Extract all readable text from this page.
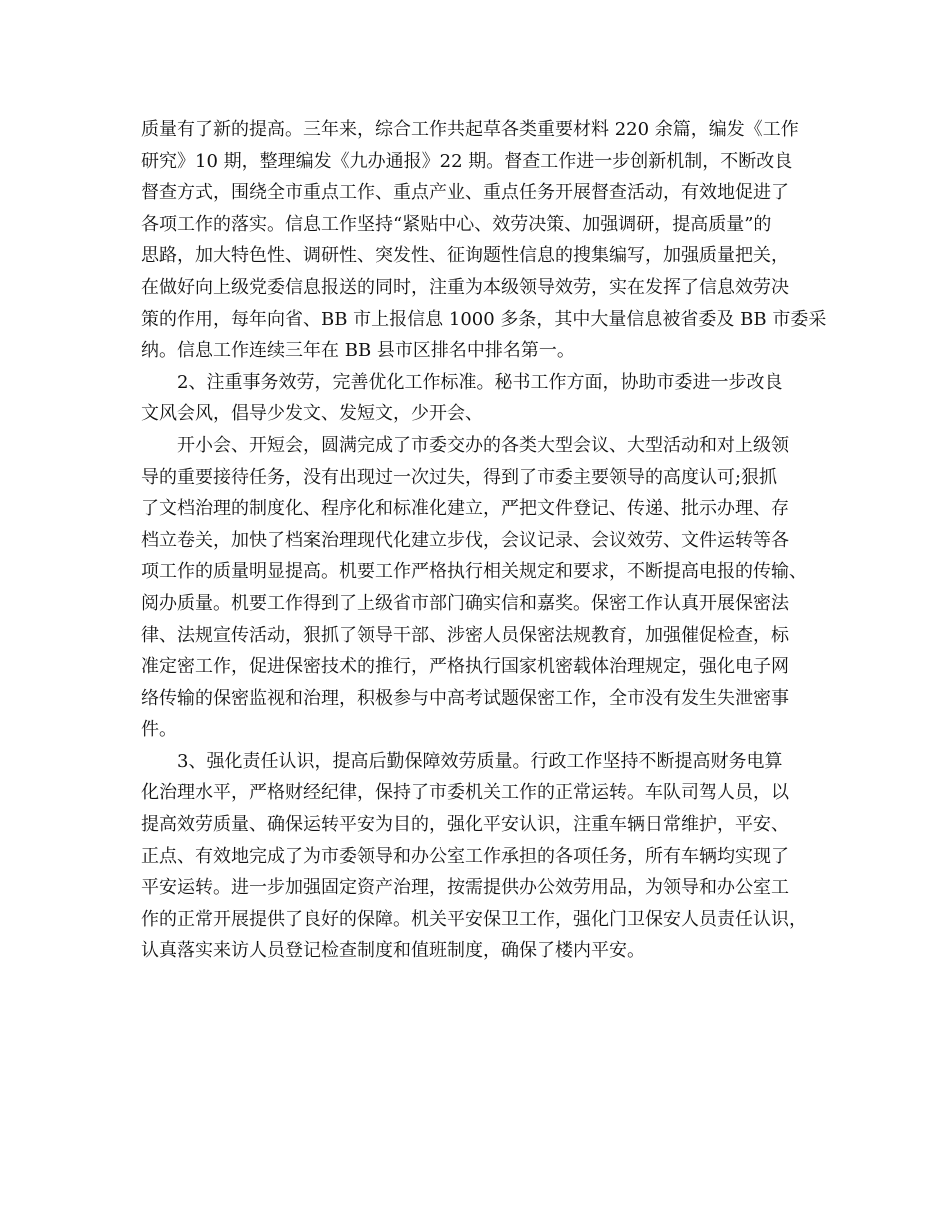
质量有了新的提高。三年来，综合工作共起草各类重要材料 220 余篇，编发《工作
研究》10 期，整理编发《九办通报》22 期。督查工作进一步创新机制，不断改良
督查方式，围绕全市重点工作、重点产业、重点任务开展督查活动，有效地促进了
各项工作的落实。信息工作坚持“紧贴中心、效劳决策、加强调研，提高质量”的
思路，加大特色性、调研性、突发性、征询题性信息的搜集编写，加强质量把关，
在做好向上级党委信息报送的同时，注重为本级领导效劳，实在发挥了信息效劳决
策的作用，每年向省、BB 市上报信息 1000 多条，其中大量信息被省委及 BB 市委采
纳。信息工作连续三年在 BB 县市区排名中排名第一。
2、注重事务效劳，完善优化工作标准。秘书工作方面，协助市委进一步改良
文风会风，倡导少发文、发短文，少开会、
开小会、开短会，圆满完成了市委交办的各类大型会议、大型活动和对上级领
导的重要接待任务，没有出现过一次过失，得到了市委主要领导的高度认可;狠抓
了文档治理的制度化、程序化和标准化建立，严把文件登记、传递、批示办理、存
档立卷关，加快了档案治理现代化建立步伐，会议记录、会议效劳、文件运转等各
项工作的质量明显提高。机要工作严格执行相关规定和要求，不断提高电报的传输、
阅办质量。机要工作得到了上级省市部门确实信和嘉奖。保密工作认真开展保密法
律、法规宣传活动，狠抓了领导干部、涉密人员保密法规教育，加强催促检查，标
准定密工作，促进保密技术的推行，严格执行国家机密载体治理规定，强化电子网
络传输的保密监视和治理，积极参与中高考试题保密工作，全市没有发生失泄密事
件。
3、强化责任认识，提高后勤保障效劳质量。行政工作坚持不断提高财务电算
化治理水平，严格财经纪律，保持了市委机关工作的正常运转。车队司驾人员，以
提高效劳质量、确保运转平安为目的，强化平安认识，注重车辆日常维护，平安、
正点、有效地完成了为市委领导和办公室工作承担的各项任务，所有车辆均实现了
平安运转。进一步加强固定资产治理，按需提供办公效劳用品，为领导和办公室工
作的正常开展提供了良好的保障。机关平安保卫工作，强化门卫保安人员责任认识，
认真落实来访人员登记检查制度和值班制度，确保了楼内平安。
